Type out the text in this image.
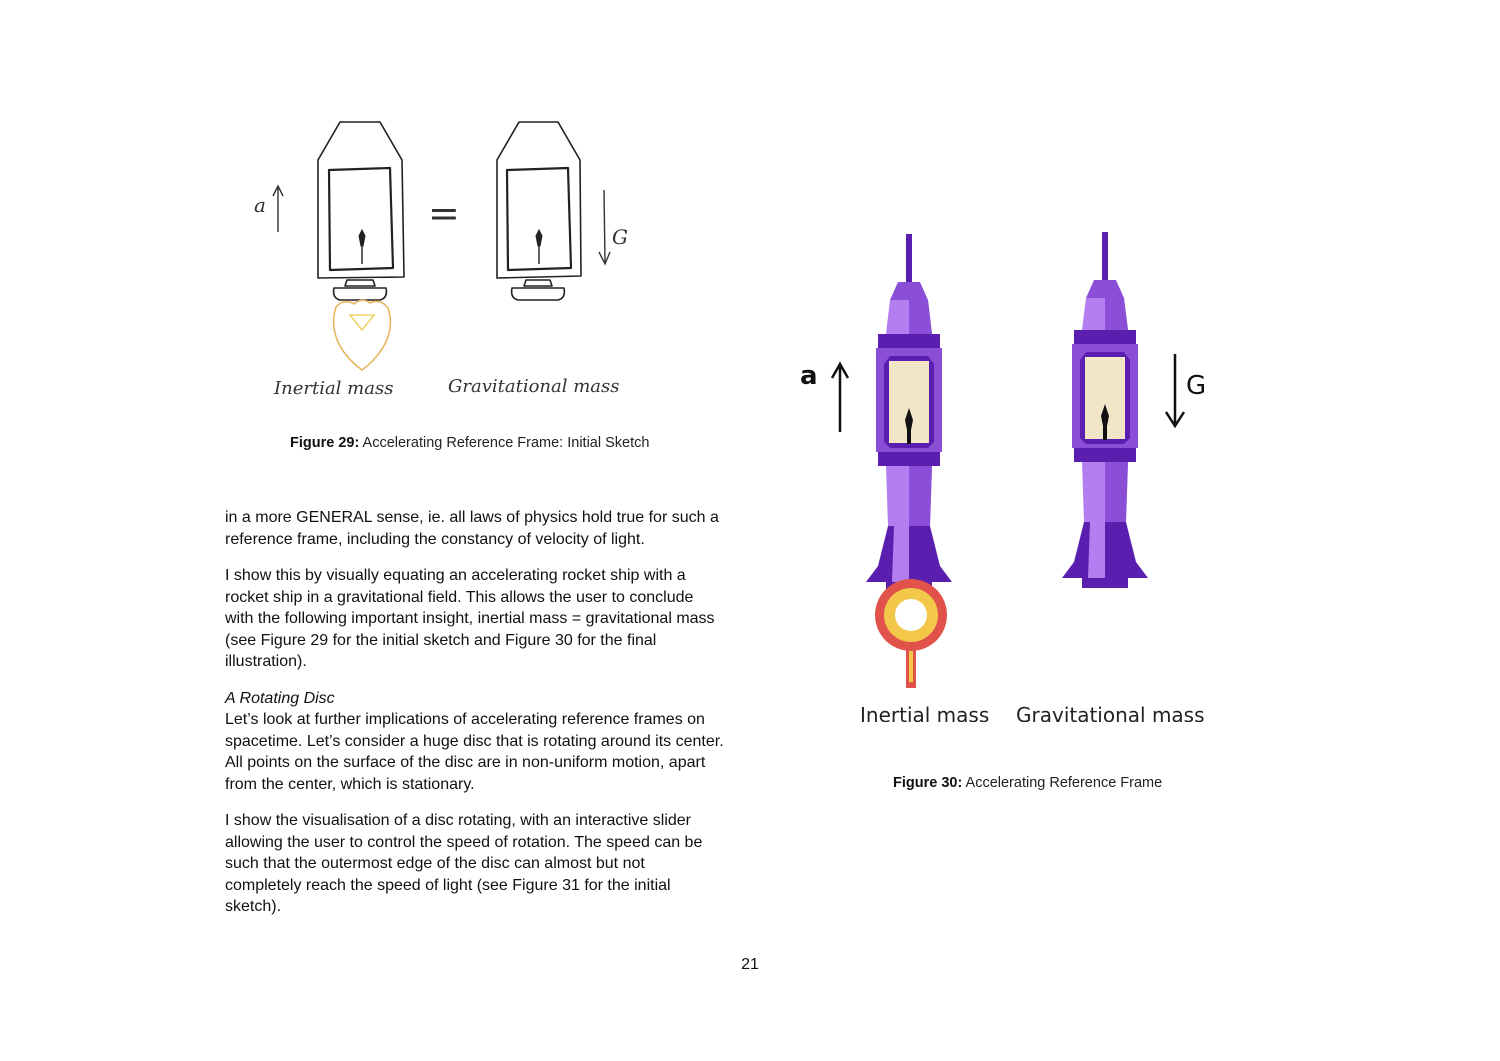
a	=
G
Inertial mass	Gravitational mass
Figure 29: Accelerating Reference Frame: Initial Sketch

in a more GENERAL sense, ie. all laws of physics hold true for such a reference frame, including the constancy of velocity of light.

I show this by visually equating an accelerating rocket ship with a rocket ship in a gravitational field. This allows the user to conclude with the following important insight, inertial mass = gravitational mass (see Figure 29 for the initial sketch and Figure 30 for the final illustration).

A Rotating Disc

Let’s look at further implications of accelerating reference frames on spacetime. Let’s consider a huge disc that is rotating around its center. All points on the surface of the disc are in non-uniform motion, apart from the center, which is stationary.

I show the visualisation of a disc rotating, with an interactive slider allowing the user to control the speed of rotation. The speed can be such that the outermost edge of the disc can almost but not completely reach the speed of light (see Figure 31 for the initial sketch).

a	G
Inertial mass Gravitational mass
Figure 30: Accelerating Reference Frame
21
